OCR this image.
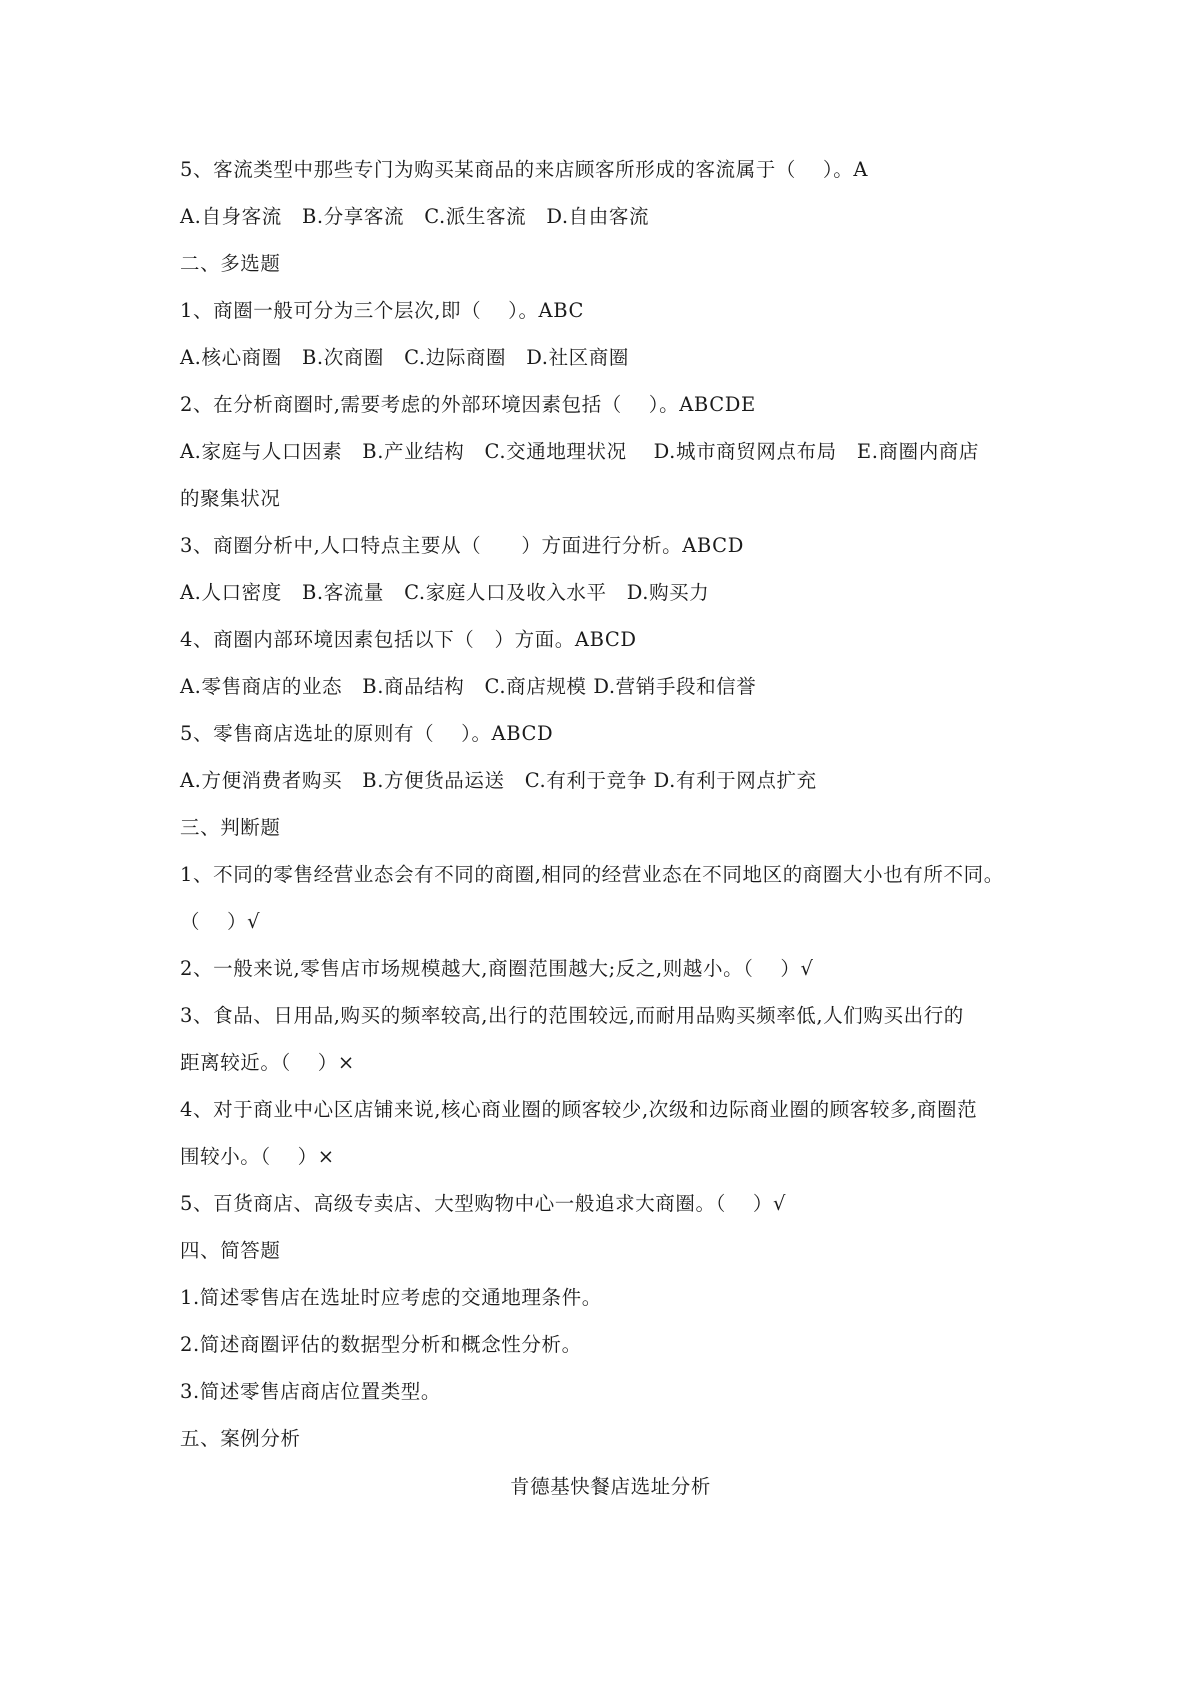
5、客流类型中那些专门为购买某商品的来店顾客所形成的客流属于（　 ）。A
A.自身客流　B.分享客流　C.派生客流　D.自由客流
二、多选题
1、商圈一般可分为三个层次,即（　 ）。ABC
A.核心商圈　B.次商圈　C.边际商圈　D.社区商圈
2、在分析商圈时,需要考虑的外部环境因素包括（　 ）。ABCDE
A.家庭与人口因素　B.产业结构　C.交通地理状况　 D.城市商贸网点布局　E.商圈内商店
的聚集状况
3、商圈分析中,人口特点主要从（　　）方面进行分析。ABCD
A.人口密度　B.客流量　C.家庭人口及收入水平　D.购买力
4、商圈内部环境因素包括以下（　）方面。ABCD
A.零售商店的业态　B.商品结构　C.商店规模 D.营销手段和信誉
5、零售商店选址的原则有（　 ）。ABCD
A.方便消费者购买　B.方便货品运送　C.有利于竞争 D.有利于网点扩充
三、判断题
1、不同的零售经营业态会有不同的商圈,相同的经营业态在不同地区的商圈大小也有所不同。
（　 ）√
2、一般来说,零售店市场规模越大,商圈范围越大;反之,则越小。（　 ）√
3、食品、日用品,购买的频率较高,出行的范围较远,而耐用品购买频率低,人们购买出行的
距离较近。（　 ）×
4、对于商业中心区店铺来说,核心商业圈的顾客较少,次级和边际商业圈的顾客较多,商圈范
围较小。（　 ）×
5、百货商店、高级专卖店、大型购物中心一般追求大商圈。（　 ）√
四、简答题
1.简述零售店在选址时应考虑的交通地理条件。
2.简述商圈评估的数据型分析和概念性分析。
3.简述零售店商店位置类型。
五、案例分析
肯德基快餐店选址分析
